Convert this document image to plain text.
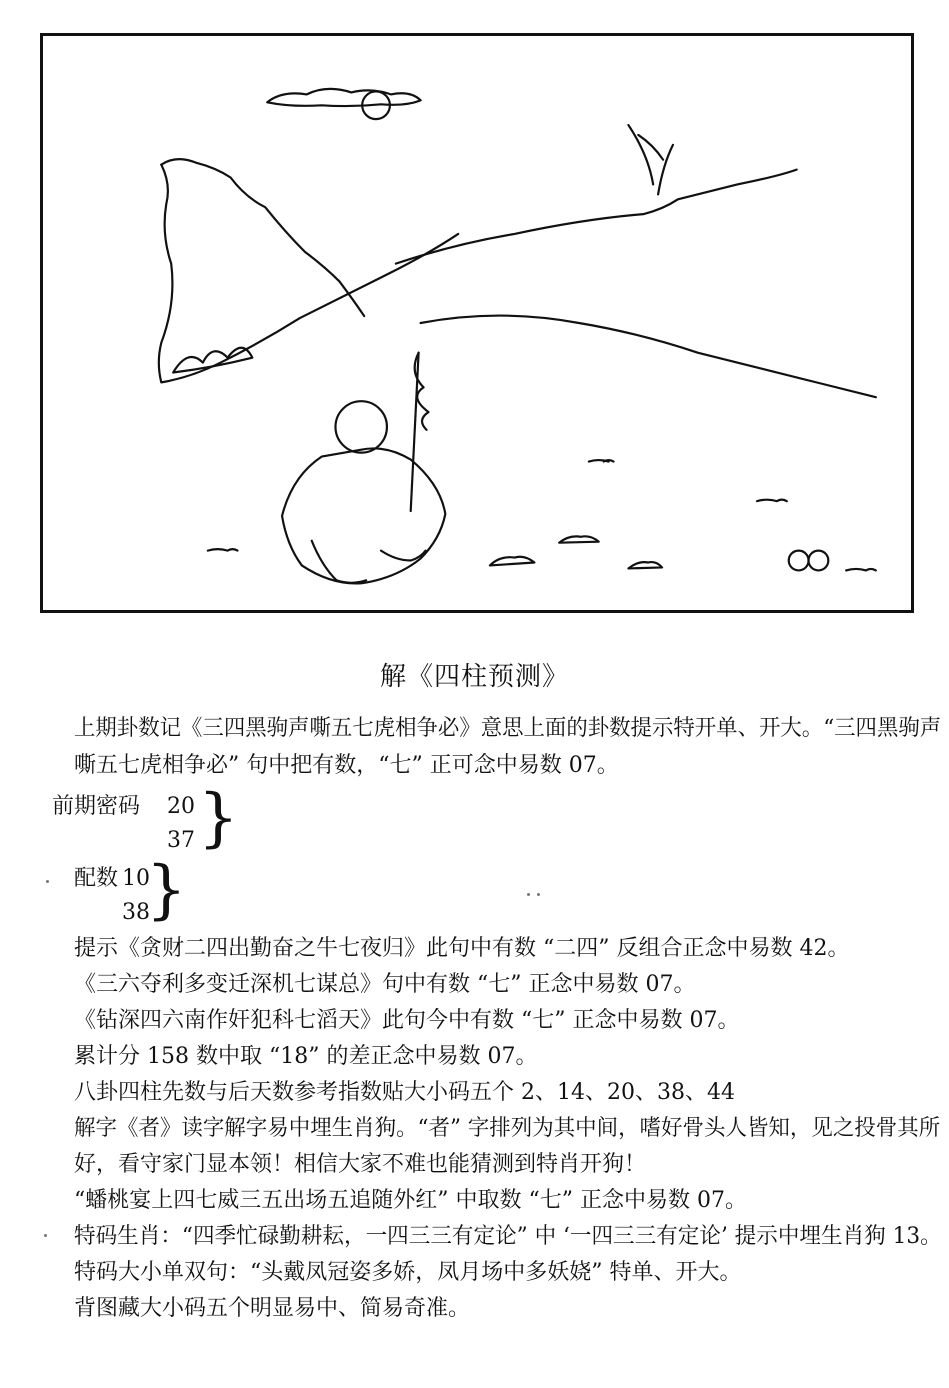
解《四柱预测》
上期卦数记《三四黑驹声嘶五七虎相争必》意思上面的卦数提示特开单、开大。“三四黑驹声
嘶五七虎相争必” 句中把有数，“七” 正可念中易数 07。
前期密码 20
37 }
配数 10
38
}
提示《贪财二四出勤奋之牛七夜归》此句中有数 “二四” 反组合正念中易数 42。
《三六夺利多变迁深机七谋总》句中有数 “七” 正念中易数 07。
《钻深四六南作奸犯科七滔天》此句今中有数 “七” 正念中易数 07。
累计分 158 数中取 “18” 的差正念中易数 07。
八卦四柱先数与后天数参考指数贴大小码五个 2、14、20、38、44
解字《者》读字解字易中埋生肖狗。“者” 字排列为其中间，嗜好骨头人皆知，见之投骨其所
好，看守家门显本领！相信大家不难也能猜测到特肖开狗！
“蟠桃宴上四七威三五出场五追随外红” 中取数 “七” 正念中易数 07。
特码生肖：“四季忙碌勤耕耘，一四三三有定论” 中 ‘一四三三有定论’ 提示中埋生肖狗 13。
特码大小单双句：“头戴凤冠姿多娇，凤月场中多妖娆” 特单、开大。
背图藏大小码五个明显易中、简易奇准。
